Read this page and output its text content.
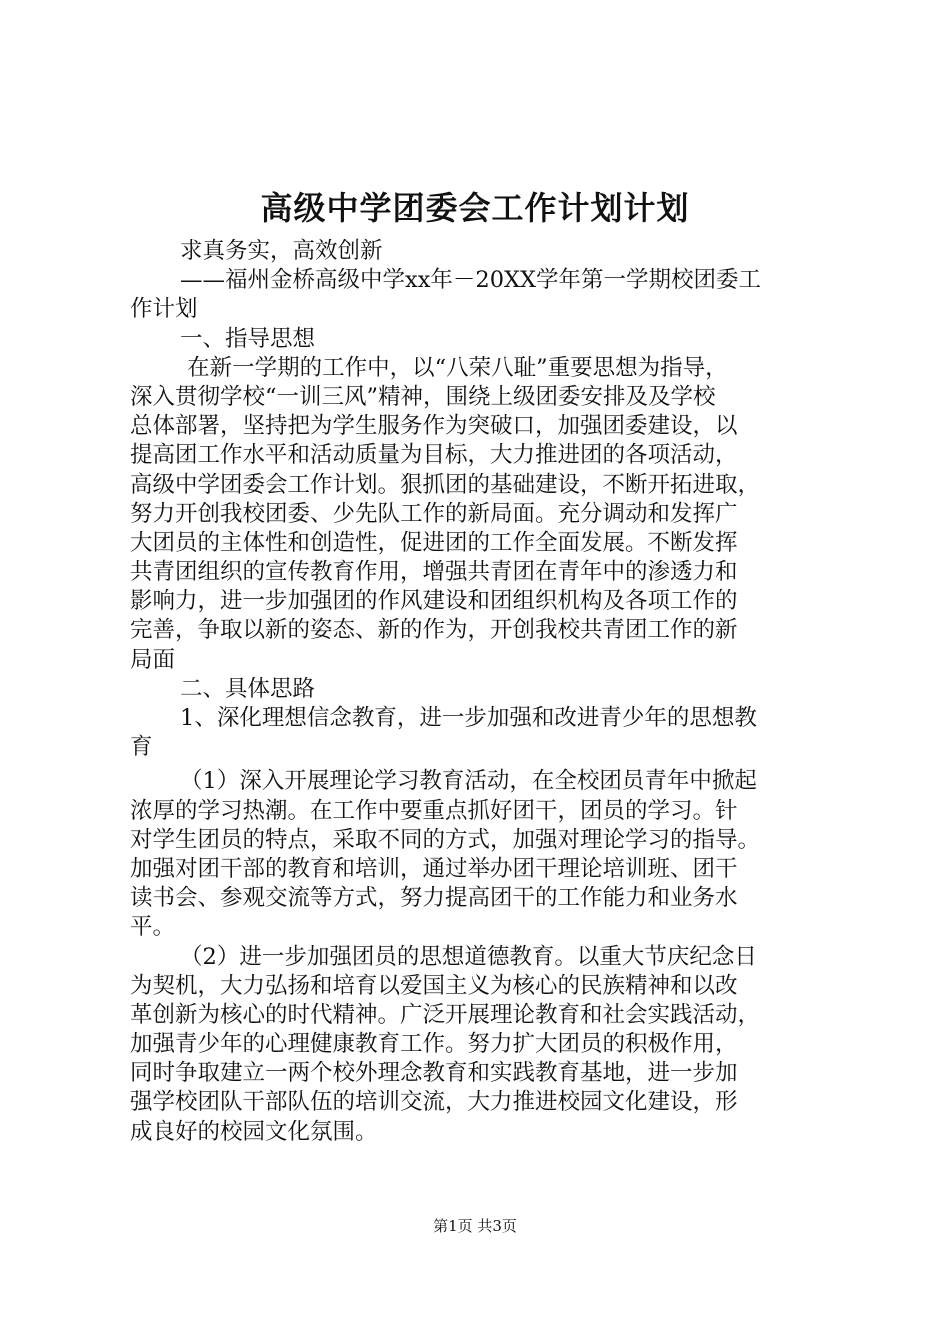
高级中学团委会工作计划计划
求真务实，高效创新
——福州金桥高级中学xx年－20XX学年第一学期校团委工
作计划
一、指导思想
在新一学期的工作中，以“八荣八耻”重要思想为指导，
深入贯彻学校“一训三风”精神，围绕上级团委安排及及学校
总体部署，坚持把为学生服务作为突破口，加强团委建设，以
提高团工作水平和活动质量为目标，大力推进团的各项活动，
高级中学团委会工作计划。狠抓团的基础建设，不断开拓进取，
努力开创我校团委、少先队工作的新局面。充分调动和发挥广
大团员的主体性和创造性，促进团的工作全面发展。不断发挥
共青团组织的宣传教育作用，增强共青团在青年中的渗透力和
影响力，进一步加强团的作风建设和团组织机构及各项工作的
完善，争取以新的姿态、新的作为，开创我校共青团工作的新
局面
二、具体思路
1、深化理想信念教育，进一步加强和改进青少年的思想教
育
（1）深入开展理论学习教育活动，在全校团员青年中掀起
浓厚的学习热潮。在工作中要重点抓好团干，团员的学习。针
对学生团员的特点，采取不同的方式，加强对理论学习的指导。
加强对团干部的教育和培训，通过举办团干理论培训班、团干
读书会、参观交流等方式，努力提高团干的工作能力和业务水
平。
（2）进一步加强团员的思想道德教育。以重大节庆纪念日
为契机，大力弘扬和培育以爱国主义为核心的民族精神和以改
革创新为核心的时代精神。广泛开展理论教育和社会实践活动，
加强青少年的心理健康教育工作。努力扩大团员的积极作用，
同时争取建立一两个校外理念教育和实践教育基地，进一步加
强学校团队干部队伍的培训交流，大力推进校园文化建设，形
成良好的校园文化氛围。
第1页 共3页
